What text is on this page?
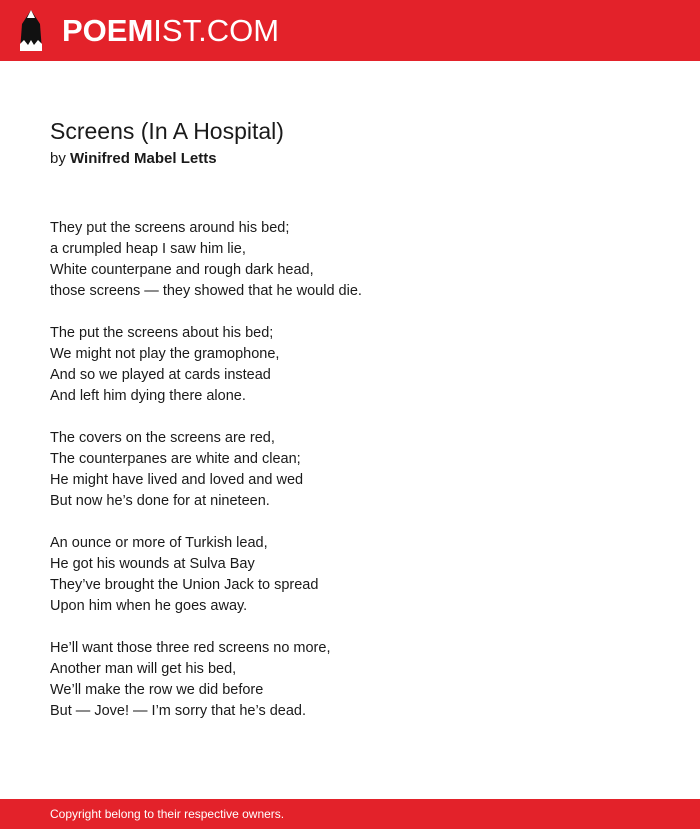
POEMIST.COM
Screens (In A Hospital)
by Winifred Mabel Letts
They put the screens around his bed;
a crumpled heap I saw him lie,
White counterpane and rough dark head,
those screens — they showed that he would die.
The put the screens about his bed;
We might not play the gramophone,
And so we played at cards instead
And left him dying there alone.
The covers on the screens are red,
The counterpanes are white and clean;
He might have lived and loved and wed
But now he’s done for at nineteen.
An ounce or more of Turkish lead,
He got his wounds at Sulva Bay
They’ve brought the Union Jack to spread
Upon him when he goes away.
He’ll want those three red screens no more,
Another man will get his bed,
We’ll make the row we did before
But — Jove! — I’m sorry that he’s dead.
Copyright belong to their respective owners.
